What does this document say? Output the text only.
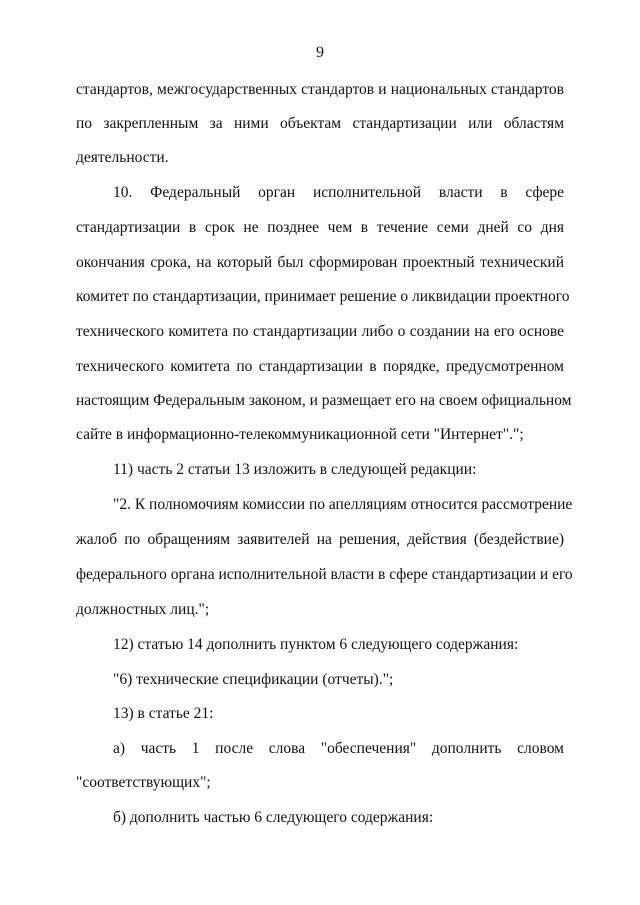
9
стандартов, межгосударственных стандартов и национальных стандартов
по закрепленным за ними объектам стандартизации или областям
деятельности.
10. Федеральный орган исполнительной власти в сфере
стандартизации в срок не позднее чем в течение семи дней со дня
окончания срока, на который был сформирован проектный технический
комитет по стандартизации, принимает решение о ликвидации проектного
технического комитета по стандартизации либо о создании на его основе
технического комитета по стандартизации в порядке, предусмотренном
настоящим Федеральным законом, и размещает его на своем официальном
сайте в информационно-телекоммуникационной сети "Интернет".";
11) часть 2 статьи 13 изложить в следующей редакции:
"2. К полномочиям комиссии по апелляциям относится рассмотрение
жалоб по обращениям заявителей на решения, действия (бездействие)
федерального органа исполнительной власти в сфере стандартизации и его
должностных лиц.";
12) статью 14 дополнить пунктом 6 следующего содержания:
"6) технические спецификации (отчеты).";
13) в статье 21:
а) часть 1 после слова "обеспечения" дополнить словом
"соответствующих";
б) дополнить частью 6 следующего содержания:
